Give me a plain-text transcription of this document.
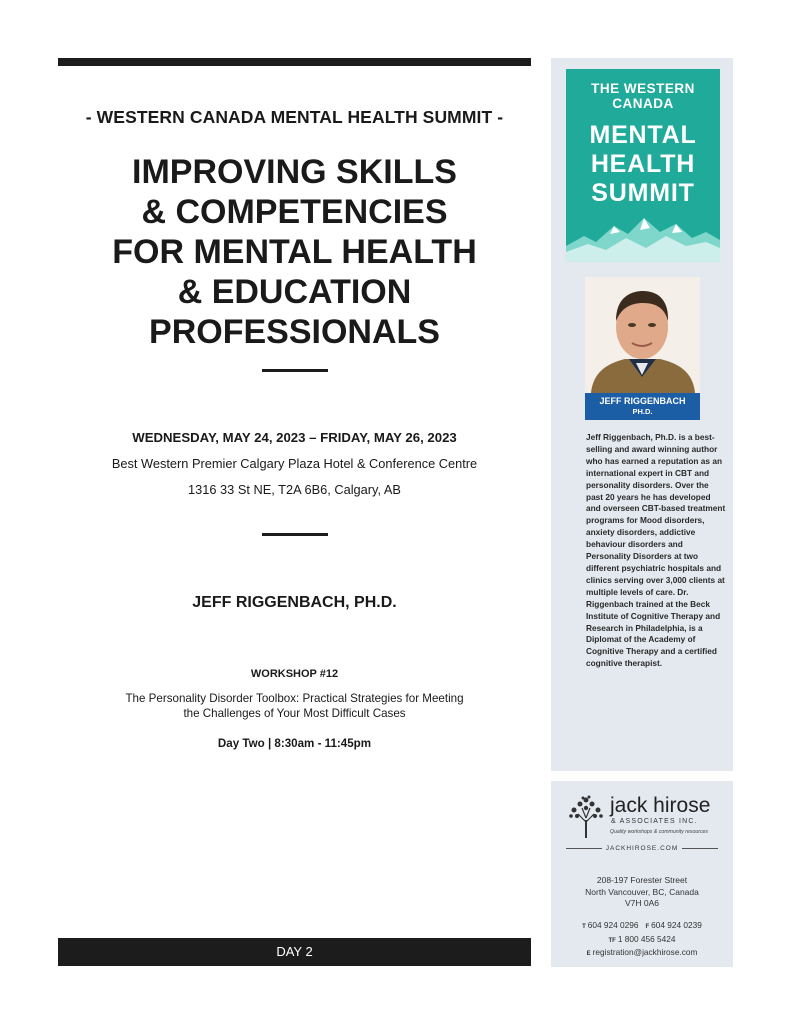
- WESTERN CANADA MENTAL HEALTH SUMMIT -
IMPROVING SKILLS
& COMPETENCIES
FOR MENTAL HEALTH
& EDUCATION
PROFESSIONALS
WEDNESDAY, MAY 24, 2023 – FRIDAY, MAY 26, 2023
Best Western Premier Calgary Plaza Hotel & Conference Centre
1316 33 St NE, T2A 6B6, Calgary, AB
JEFF RIGGENBACH, PH.D.
WORKSHOP #12
The Personality Disorder Toolbox: Practical Strategies for Meeting
the Challenges of Your Most Difficult Cases
Day Two | 8:30am - 11:45pm
DAY 2
THE WESTERN
CANADA
MENTAL
HEALTH
SUMMIT
JEFF RIGGENBACH
PH.D.
Jeff Riggenbach, Ph.D. is a best-selling and award winning author who has earned a reputation as an international expert in CBT and personality disorders. Over the past 20 years he has developed and overseen CBT-based treatment programs for Mood disorders, anxiety disorders, addictive behaviour disorders and Personality Disorders at two different psychiatric hospitals and clinics serving over 3,000 clients at multiple levels of care. Dr. Riggenbach trained at the Beck Institute of Cognitive Therapy and Research in Philadelphia, is a Diplomat of the Academy of Cognitive Therapy and a certified cognitive therapist.
jack hirose
& ASSOCIATES INC.
Quality workshops & community resources
JACKHIROSE.COM
208-197 Forester Street
North Vancouver, BC, Canada
V7H 0A6
T 604 924 0296 F 604 924 0239
TF 1 800 456 5424
E registration@jackhirose.com
